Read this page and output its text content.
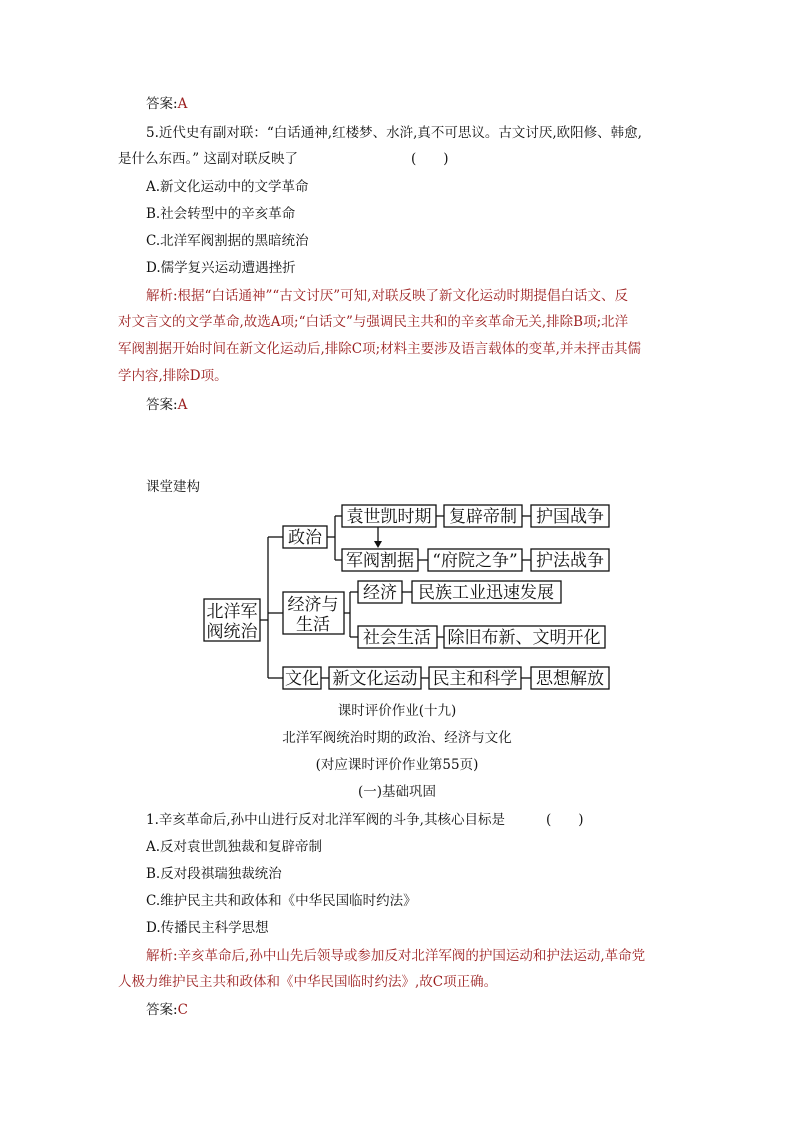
答案:A
5.近代史有副对联：“白话通神,红楼梦、水浒,真不可思议。古文讨厌,欧阳修、韩愈,
是什么东西。” 这副对联反映了	(　　)
A.新文化运动中的文学革命
B.社会转型中的辛亥革命
C.北洋军阀割据的黑暗统治
D.儒学复兴运动遭遇挫折
解析:根据“白话通神”“古文讨厌”可知,对联反映了新文化运动时期提倡白话文、反
对文言文的文学革命,故选A项;“白话文”与强调民主共和的辛亥革命无关,排除B项;北洋
军阀割据开始时间在新文化运动后,排除C项;材料主要涉及语言载体的变革,并未抨击其儒
学内容,排除D项。
答案:A
课堂建构
北洋军
阀统治
政治
经济与
生活
文化
袁世凯时期 复辟帝制 护国战争
军阀割据 “府院之争” 护法战争
经济 民族工业迅速发展
社会生活 除旧布新、文明开化
新文化运动 民主和科学 思想解放
课时评价作业(十九)
北洋军阀统治时期的政治、经济与文化
(对应课时评价作业第55页)
(一)基础巩固
1.辛亥革命后,孙中山进行反对北洋军阀的斗争,其核心目标是	(　　)
A.反对袁世凯独裁和复辟帝制
B.反对段祺瑞独裁统治
C.维护民主共和政体和《中华民国临时约法》
D.传播民主科学思想
解析:辛亥革命后,孙中山先后领导或参加反对北洋军阀的护国运动和护法运动,革命党
人极力维护民主共和政体和《中华民国临时约法》,故C项正确。
答案:C
